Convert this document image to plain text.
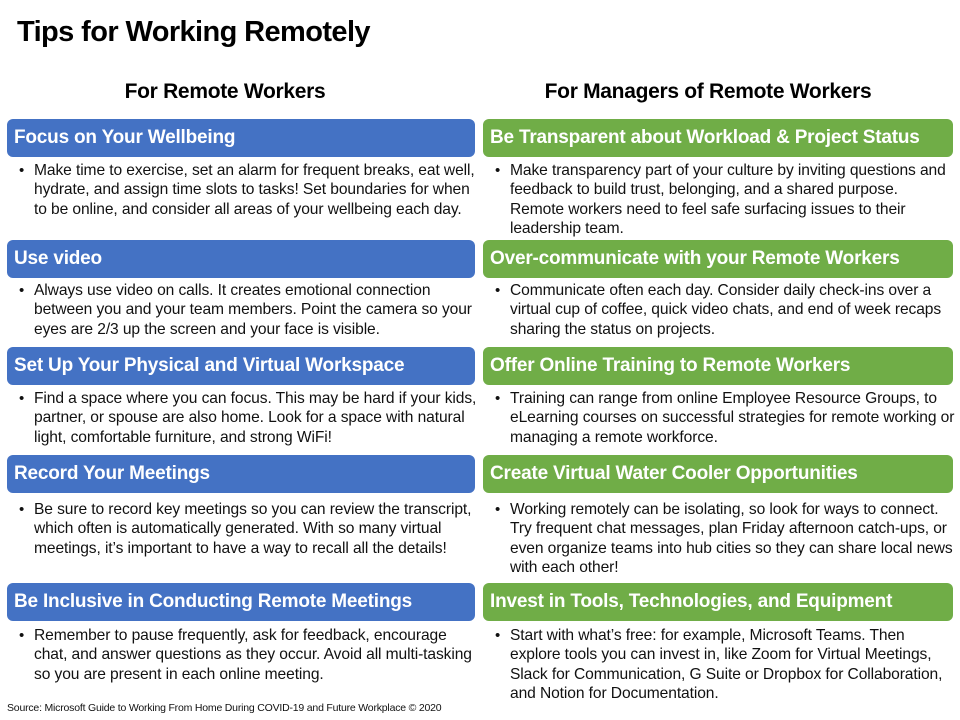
Tips for Working Remotely
For Remote Workers	For Managers of Remote Workers
Focus on Your Wellbeing
• Make time to exercise, set an alarm for frequent breaks, eat well, hydrate, and assign time slots to tasks! Set boundaries for when to be online, and consider all areas of your wellbeing each day.
Use video
• Always use video on calls. It creates emotional connection between you and your team members. Point the camera so your eyes are 2/3 up the screen and your face is visible.
Set Up Your Physical and Virtual Workspace
• Find a space where you can focus. This may be hard if your kids, partner, or spouse are also home. Look for a space with natural light, comfortable furniture, and strong WiFi!
Record Your Meetings
• Be sure to record key meetings so you can review the transcript, which often is automatically generated. With so many virtual meetings, it’s important to have a way to recall all the details!
Be Inclusive in Conducting Remote Meetings
• Remember to pause frequently, ask for feedback, encourage chat, and answer questions as they occur. Avoid all multi-tasking so you are present in each online meeting.
Be Transparent about Workload & Project Status
• Make transparency part of your culture by inviting questions and feedback to build trust, belonging, and a shared purpose. Remote workers need to feel safe surfacing issues to their leadership team.
Over-communicate with your Remote Workers
• Communicate often each day. Consider daily check-ins over a virtual cup of coffee, quick video chats, and end of week recaps sharing the status on projects.
Offer Online Training to Remote Workers
• Training can range from online Employee Resource Groups, to eLearning courses on successful strategies for remote working or managing a remote workforce.
Create Virtual Water Cooler Opportunities
• Working remotely can be isolating, so look for ways to connect. Try frequent chat messages, plan Friday afternoon catch-ups, or even organize teams into hub cities so they can share local news with each other!
Invest in Tools, Technologies, and Equipment
• Start with what’s free: for example, Microsoft Teams. Then explore tools you can invest in, like Zoom for Virtual Meetings, Slack for Communication, G Suite or Dropbox for Collaboration, and Notion for Documentation.
Source: Microsoft Guide to Working From Home During COVID-19 and Future Workplace © 2020
